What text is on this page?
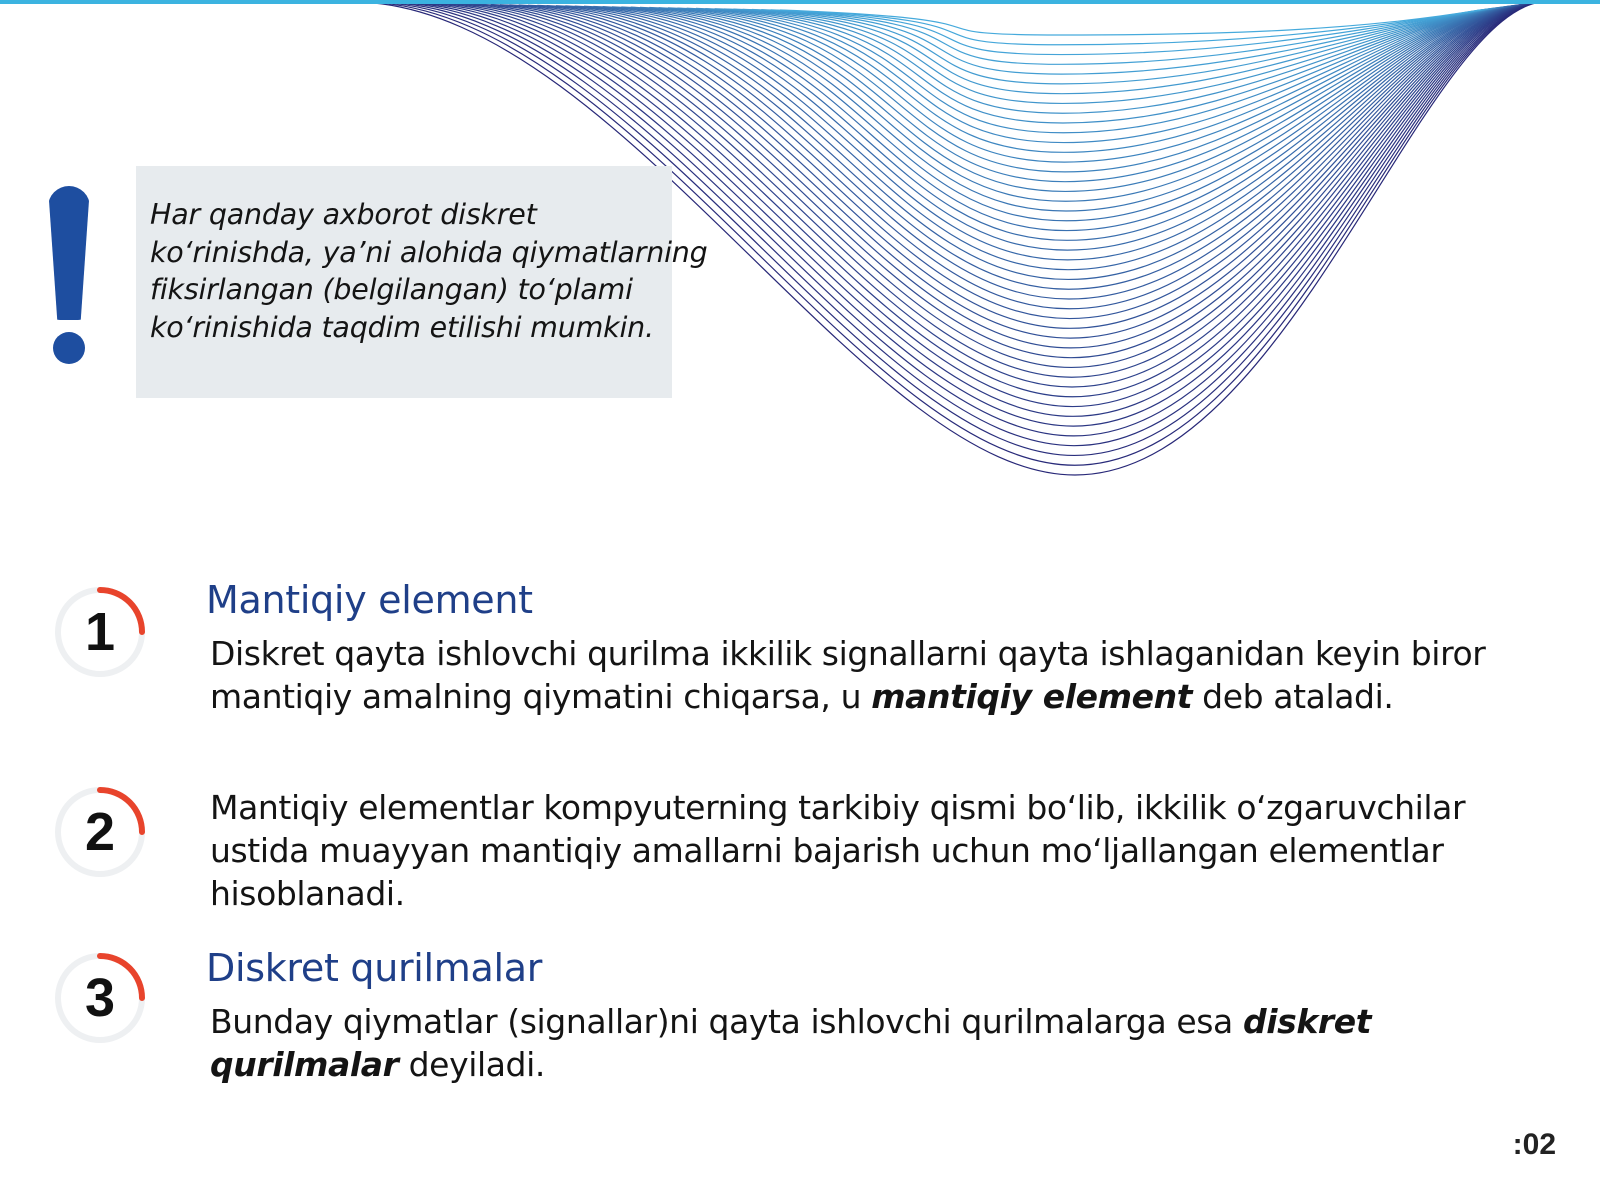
Har qanday axborot diskret
ko‘rinishda, ya’ni alohida qiymatlarning
fiksirlangan (belgilangan) to‘plami
ko‘rinishida taqdim etilishi mumkin.
1
Mantiqiy element
Diskret qayta ishlovchi qurilma ikkilik signallarni qayta ishlaganidan keyin biror mantiqiy amalning qiymatini chiqarsa, u mantiqiy element deb ataladi.
2	Mantiqiy elementlar kompyuterning tarkibiy qismi bo‘lib, ikkilik o‘zgaruvchilar ustida muayyan mantiqiy amallarni bajarish uchun mo‘ljallangan elementlar hisoblanadi.
3	Diskret qurilmalar
Bunday qiymatlar (signallar)ni qayta ishlovchi qurilmalarga esa diskret qurilmalar deyiladi.
:02
